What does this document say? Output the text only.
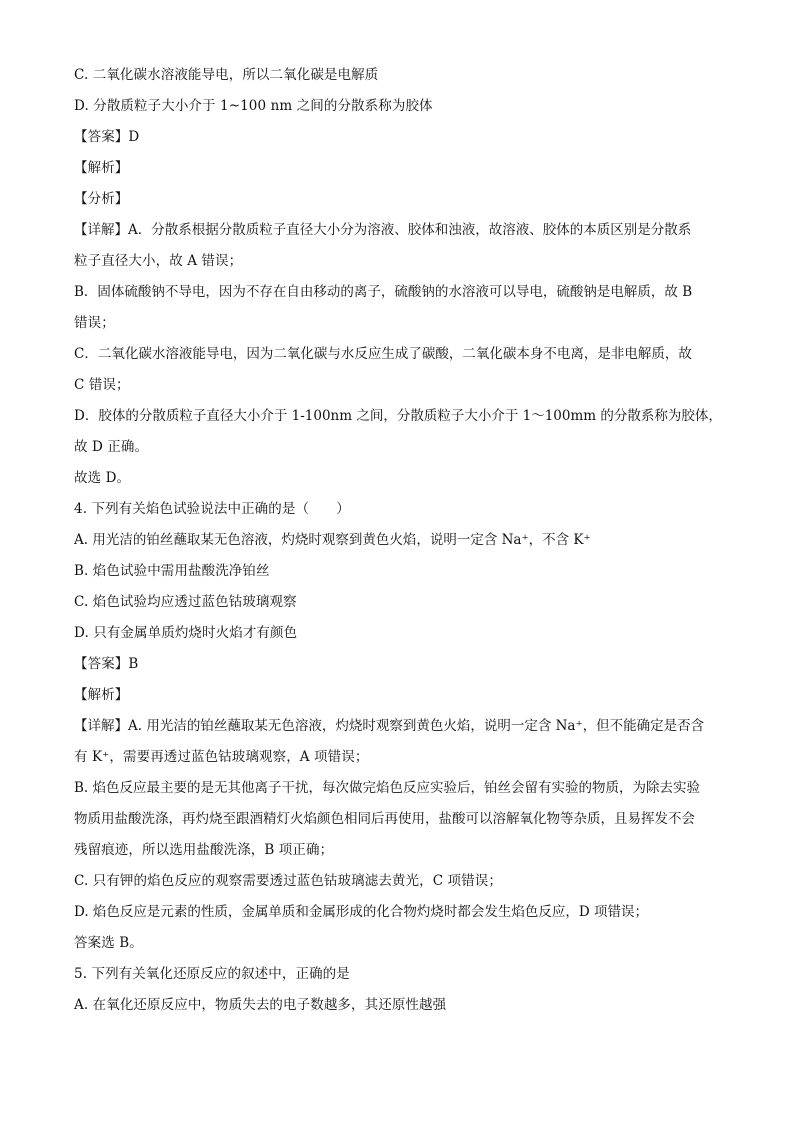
C. 二氧化碳水溶液能导电，所以二氧化碳是电解质
D. 分散质粒子大小介于 1~100 nm 之间的分散系称为胶体
【答案】D
【解析】
【分析】
【详解】A．分散系根据分散质粒子直径大小分为溶液、胶体和浊液，故溶液、胶体的本质区别是分散系
粒子直径大小，故 A 错误；
B．固体硫酸钠不导电，因为不存在自由移动的离子，硫酸钠的水溶液可以导电，硫酸钠是电解质，故 B
错误；
C．二氧化碳水溶液能导电，因为二氧化碳与水反应生成了碳酸，二氧化碳本身不电离，是非电解质，故
C 错误；
D．胶体的分散质粒子直径大小介于 1-100nm 之间，分散质粒子大小介于 1～100mm 的分散系称为胶体，
故 D 正确。
故选 D。
4. 下列有关焰色试验说法中正确的是（　　）
A. 用光洁的铂丝蘸取某无色溶液，灼烧时观察到黄色火焰，说明一定含 Na⁺，不含 K⁺
B. 焰色试验中需用盐酸洗净铂丝
C. 焰色试验均应透过蓝色钴玻璃观察
D. 只有金属单质灼烧时火焰才有颜色
【答案】B
【解析】
【详解】A. 用光洁的铂丝蘸取某无色溶液，灼烧时观察到黄色火焰，说明一定含 Na⁺，但不能确定是否含
有 K⁺，需要再透过蓝色钴玻璃观察，A 项错误；
B. 焰色反应最主要的是无其他离子干扰，每次做完焰色反应实验后，铂丝会留有实验的物质，为除去实验
物质用盐酸洗涤，再灼烧至跟酒精灯火焰颜色相同后再使用，盐酸可以溶解氧化物等杂质，且易挥发不会
残留痕迹，所以选用盐酸洗涤，B 项正确；
C. 只有钾的焰色反应的观察需要透过蓝色钴玻璃滤去黄光，C 项错误；
D. 焰色反应是元素的性质，金属单质和金属形成的化合物灼烧时都会发生焰色反应，D 项错误；
答案选 B。
5. 下列有关氧化还原反应的叙述中，正确的是
A. 在氧化还原反应中，物质失去的电子数越多，其还原性越强
